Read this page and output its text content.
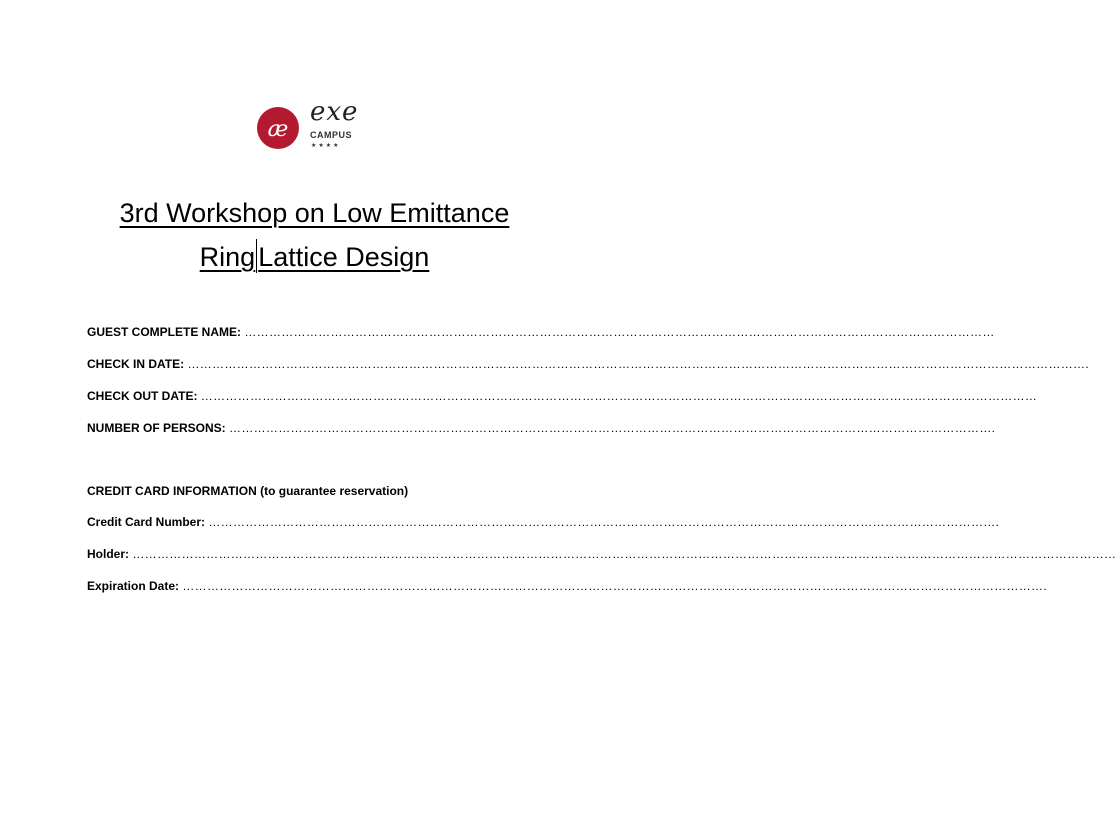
æ
exe
CAMPUS
★★★★
3rd Workshop on Low Emittance
Ring Lattice Design
GUEST COMPLETE NAME: …………………………………………………………………………………………………………………………………………………………………
CHECK IN DATE: ………………………………………………………………………………………………………………………………………………………………………………………………….
CHECK OUT DATE: ……………………………………………………………………………………………………………………………………………………………………………………
NUMBER OF PERSONS: …………………………………………………………………………………………………………………………………………………………………….
CREDIT CARD INFORMATION (to guarantee reservation)
Credit Card Number: ………………………………………………………………………………………………………………………………………………………………………….
Holder: ……………………………………………………………………………………………………………………………………………………………………………………………………………………
Expiration Date: ………………………………………………………………………………………………………………………………………………………………………………………….
